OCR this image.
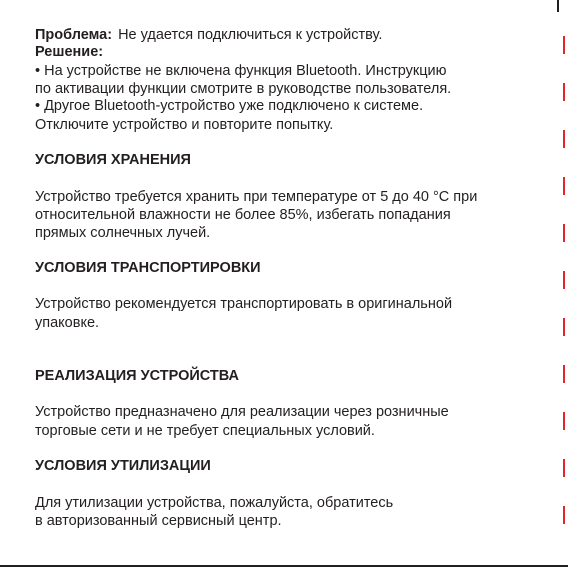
Проблема: Не удается подключиться к устройству.
Решение:
• На устройстве не включена функция Bluetooth. Инструкцию
по активации функции смотрите в руководстве пользователя.
• Другое Bluetooth-устройство уже подключено к системе.
Отключите устройство и повторите попытку.
УСЛОВИЯ ХРАНЕНИЯ
Устройство требуется хранить при температуре от 5 до 40 °С при
относительной влажности не более 85%, избегать попадания
прямых солнечных лучей.
УСЛОВИЯ ТРАНСПОРТИРОВКИ
Устройство рекомендуется транспортировать в оригинальной
упаковке.
РЕАЛИЗАЦИЯ УСТРОЙСТВА
Устройство предназначено для реализации через розничные
торговые сети и не требует специальных условий.
УСЛОВИЯ УТИЛИЗАЦИИ
Для утилизации устройства, пожалуйста, обратитесь
в авторизованный сервисный центр.
